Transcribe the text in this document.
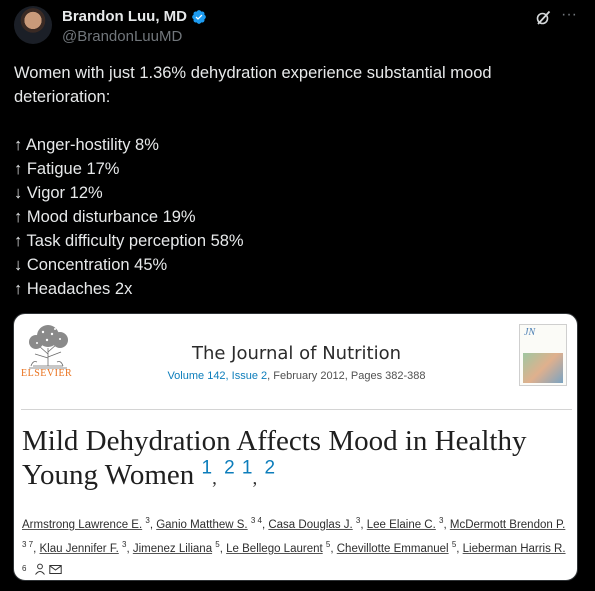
Brandon Luu, MD
@BrandonLuuMD
···

Women with just 1.36% dehydration experience substantial mood deterioration:

↑ Anger-hostility 8%

↑ Fatigue 17%

↓ Vigor 12%

↑ Mood disturbance 19%

↑ Task difficulty perception 58%

↓ Concentration 45%

↑ Headaches 2x

ELSEVIER
The Journal of Nutrition
Volume 142, Issue 2, February 2012, Pages 382-388
JN
Mild Dehydration Affects Mood in Healthy
Young Women $^1$, $^2$ $^1$, $^2$
Armstrong Lawrence E. $^3$, Ganio Matthew S. $^{3 4}$, Casa Douglas J. $^3$, Lee Elaine C. $^3$, McDermott Brendon P. $^{3 7}$, Klau Jennifer F. $^3$, Jimenez Liliana $^5$, Le Bellego Laurent $^5$, Chevillotte Emmanuel $^5$, Lieberman Harris R. $^6$
